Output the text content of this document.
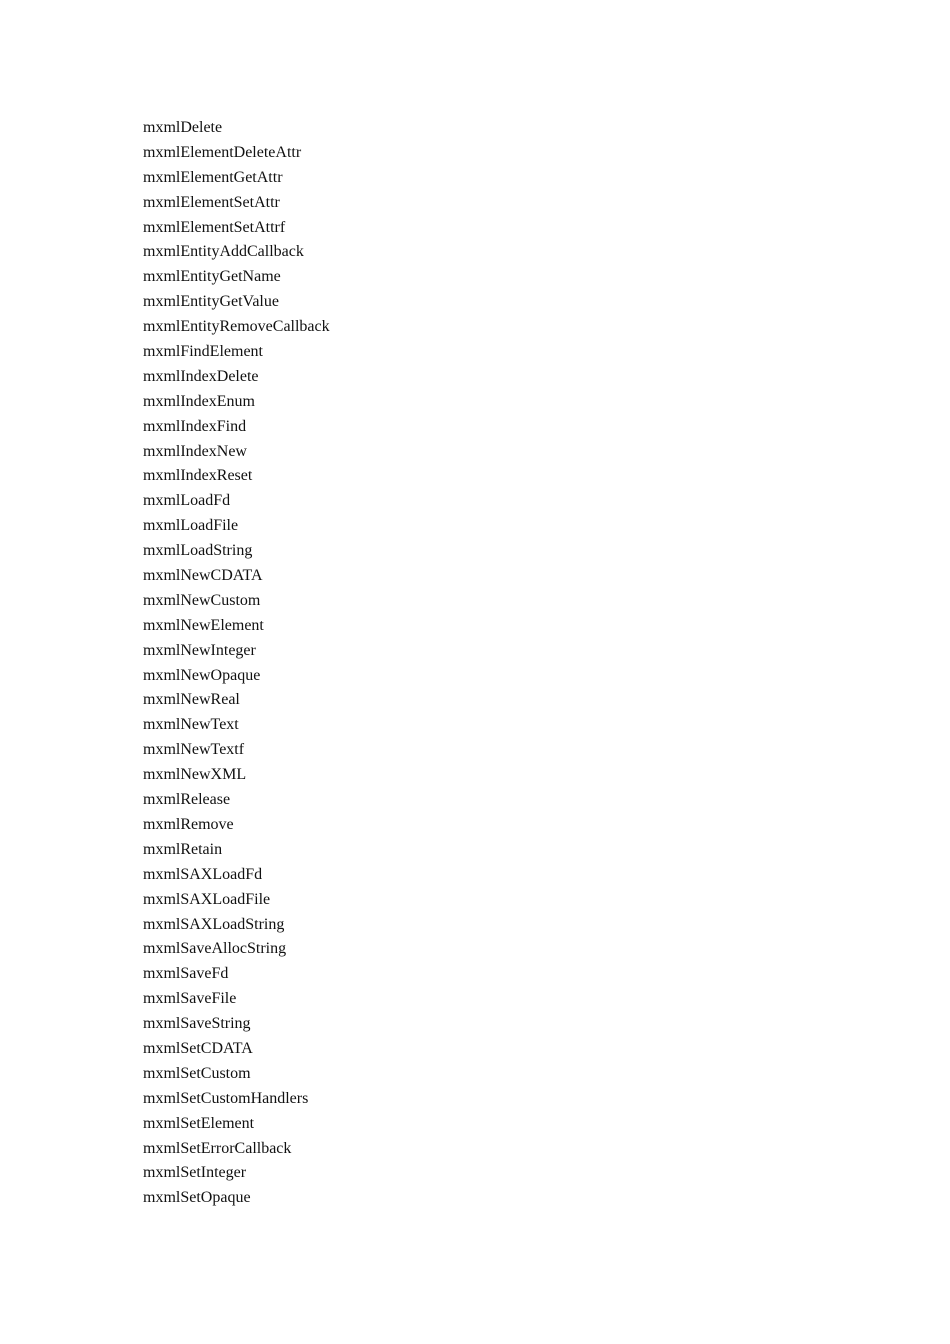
mxmlDelete
mxmlElementDeleteAttr
mxmlElementGetAttr
mxmlElementSetAttr
mxmlElementSetAttrf
mxmlEntityAddCallback
mxmlEntityGetName
mxmlEntityGetValue
mxmlEntityRemoveCallback
mxmlFindElement
mxmlIndexDelete
mxmlIndexEnum
mxmlIndexFind
mxmlIndexNew
mxmlIndexReset
mxmlLoadFd
mxmlLoadFile
mxmlLoadString
mxmlNewCDATA
mxmlNewCustom
mxmlNewElement
mxmlNewInteger
mxmlNewOpaque
mxmlNewReal
mxmlNewText
mxmlNewTextf
mxmlNewXML
mxmlRelease
mxmlRemove
mxmlRetain
mxmlSAXLoadFd
mxmlSAXLoadFile
mxmlSAXLoadString
mxmlSaveAllocString
mxmlSaveFd
mxmlSaveFile
mxmlSaveString
mxmlSetCDATA
mxmlSetCustom
mxmlSetCustomHandlers
mxmlSetElement
mxmlSetErrorCallback
mxmlSetInteger
mxmlSetOpaque
